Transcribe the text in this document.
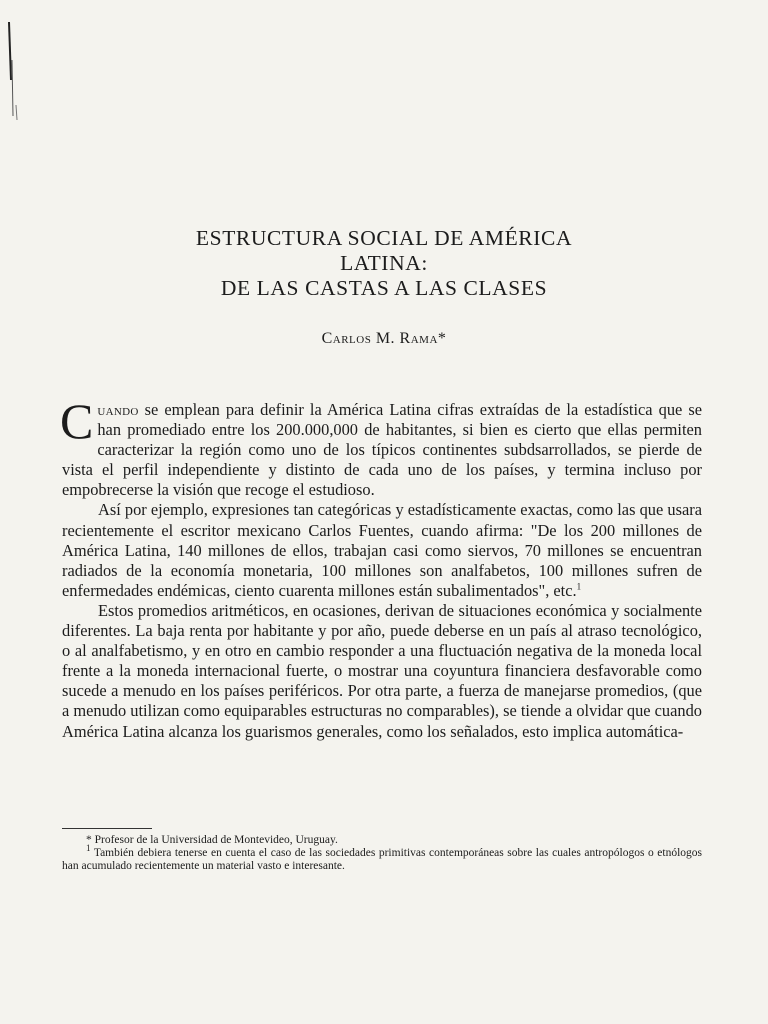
ESTRUCTURA SOCIAL DE AMÉRICA

LATINA:

DE LAS CASTAS A LAS CLASES

Carlos M. Rama*

Cuando se emplean para definir la América Latina cifras extraídas de la estadística que se han promediado entre los 200.000,000 de habitantes, si bien es cierto que ellas permiten caracterizar la región como uno de los típicos continentes subdsarrollados, se pierde de vista el perfil independiente y distinto de cada uno de los países, y termina incluso por empobrecerse la visión que recoge el estudioso.

Así por ejemplo, expresiones tan categóricas y estadísticamente exactas, como las que usara recientemente el escritor mexicano Carlos Fuentes, cuando afirma: "De los 200 millones de América Latina, 140 millones de ellos, trabajan casi como siervos, 70 millones se encuentran radiados de la economía monetaria, 100 millones son analfabetos, 100 millones sufren de enfermedades endémicas, ciento cuarenta millones están subalimentados", etc.$^1$

Estos promedios aritméticos, en ocasiones, derivan de situaciones económica y socialmente diferentes. La baja renta por habitante y por año, puede deberse en un país al atraso tecnológico, o al analfabetismo, y en otro en cambio responder a una fluctuación negativa de la moneda local frente a la moneda internacional fuerte, o mostrar una coyuntura financiera desfavorable como sucede a menudo en los países periféricos. Por otra parte, a fuerza de manejarse promedios, (que a menudo utilizan como equiparables estructuras no comparables), se tiende a olvidar que cuando América Latina alcanza los guarismos generales, como los señalados, esto implica automática-

* Profesor de la Universidad de Montevideo, Uruguay.

$^1$ También debiera tenerse en cuenta el caso de las sociedades primitivas contemporáneas sobre las cuales antropólogos o etnólogos han acumulado recientemente un material vasto e interesante.
